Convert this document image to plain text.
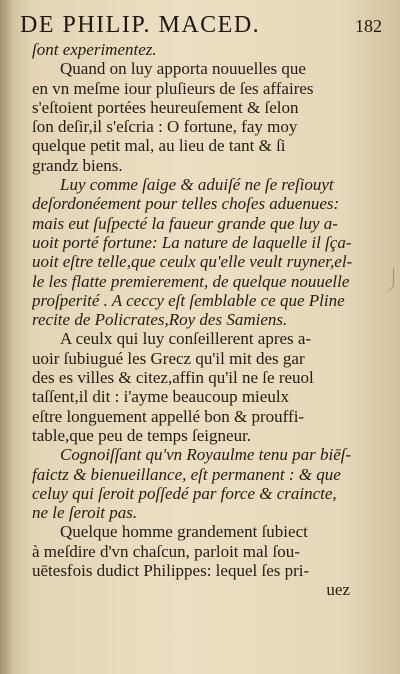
DE PHILIP. MACED.	182
ſont experimentez.
Quand on luy apporta nouuelles que
en vn meſme iour pluſieurs de ſes affaires
s'eſtoient portées heureuſement & ſelon
ſon deſir,il s'eſcria : O fortune, fay moy
quelque petit mal, au lieu de tant & ſi
grandz biens.
Luy comme ſaige & aduiſé ne ſe reſiouyt
deſordonéement pour telles choſes aduenues:
mais eut ſuſpecté la faueur grande que luy a-
uoit porté fortune: La nature de laquelle il ſça-
uoit eſtre telle,que ceulx qu'elle veult ruyner,el-
le les flatte premierement, de quelque nouuelle
proſperité . A ceccy eſt ſemblable ce que Pline
recite de Policrates,Roy des Samiens.
A ceulx qui luy conſeillerent apres a-
uoir ſubiugué les Grecz qu'il mit des gar
des es villes & citez,affin qu'il ne ſe reuol
taſſent,il dit : i'ayme beaucoup mieulx
eſtre longuement appellé bon & prouffi-
table,que peu de temps ſeigneur.
Cognoiſſant qu'vn Royaulme tenu par biēſ-
faictz & bienueillance, eſt permanent : & que
celuy qui ſeroit poſſedé par force & craincte,
ne le ſeroit pas.
Quelque homme grandement ſubiect
à meſdire d'vn chaſcun, parloit mal ſou-
uētesfois dudict Philippes: lequel ſes pri-
uez
